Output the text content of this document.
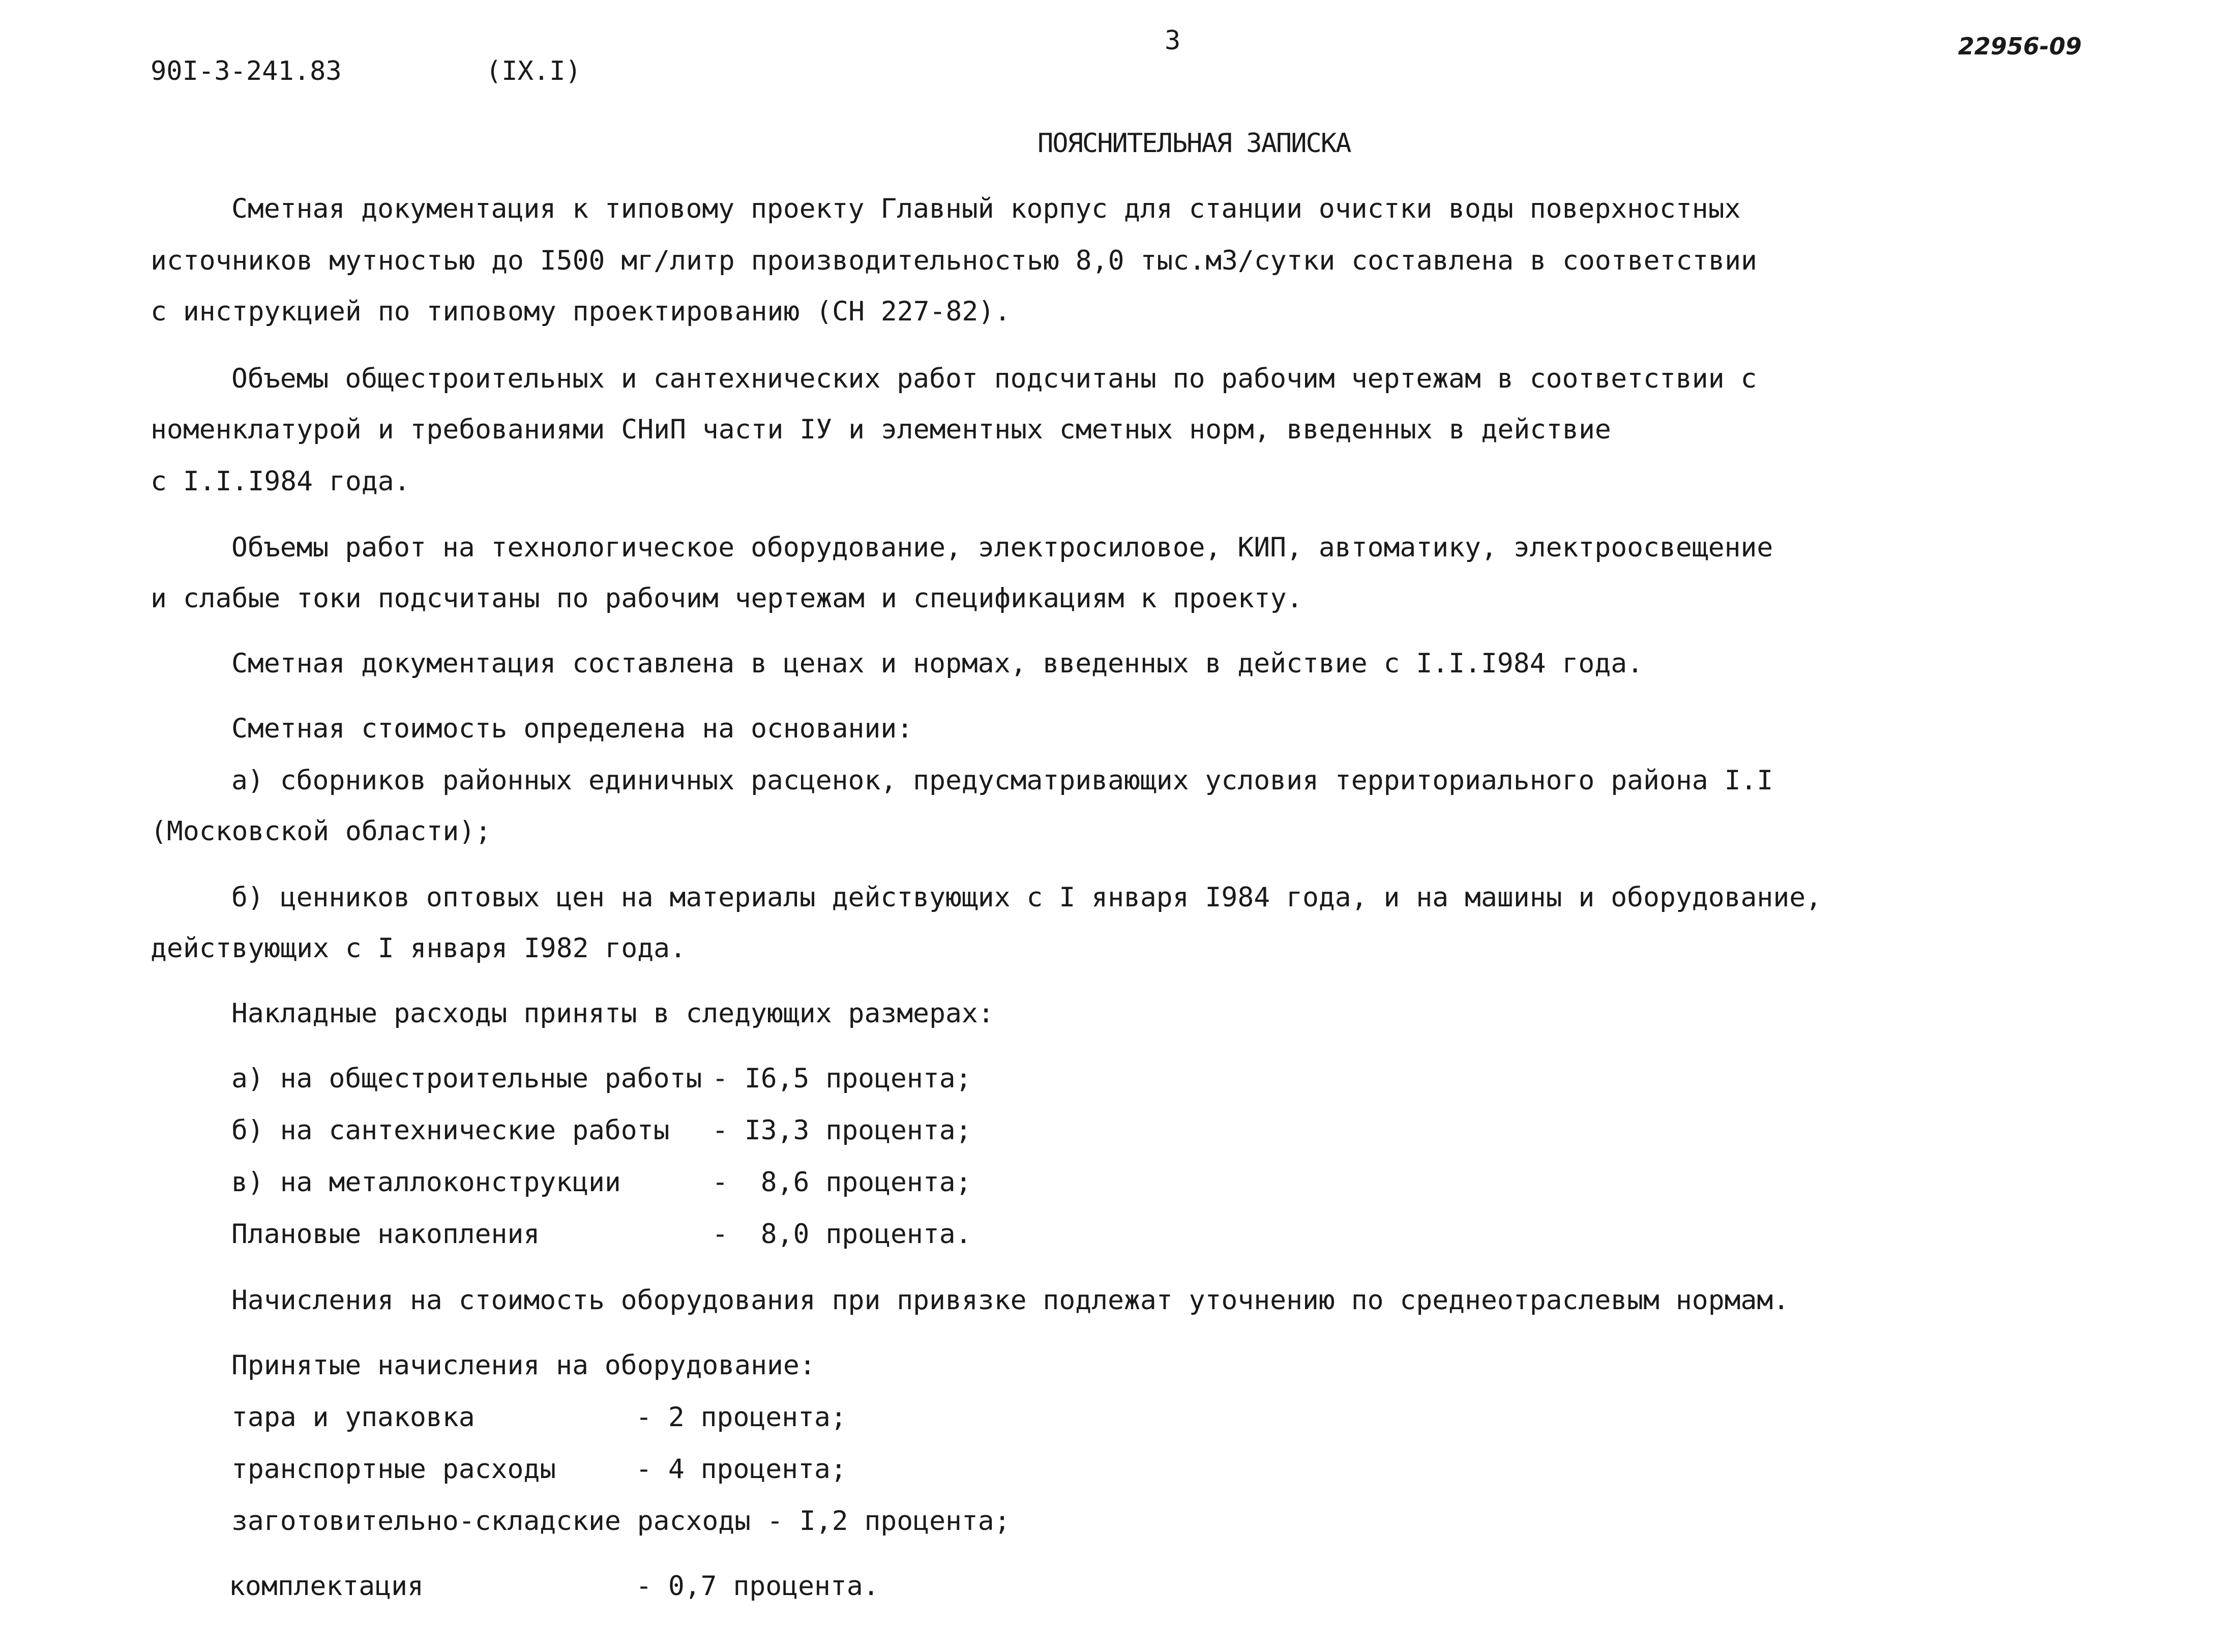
90I-3-241.83	(IX.I)
3	22956-09
ПОЯСНИТЕЛЬНАЯ ЗАПИСКА
Сметная документация к типовому проекту Главный корпус для станции очистки воды поверхностных
источников мутностью до I500 мг/литр производительностью 8,0 тыс.м3/сутки составлена в соответствии
с инструкцией по типовому проектированию (СН 227-82).
Объемы общестроительных и сантехнических работ подсчитаны по рабочим чертежам в соответствии с
номенклатурой и требованиями СНиП части IУ и элементных сметных норм, введенных в действие
с I.I.I984 года.
Объемы работ на технологическое оборудование, электросиловое, КИП, автоматику, электроосвещение
и слабые токи подсчитаны по рабочим чертежам и спецификациям к проекту.
Сметная документация составлена в ценах и нормах, введенных в действие с I.I.I984 года.
Сметная стоимость определена на основании:
а) сборников районных единичных расценок, предусматривающих условия территориального района I.I
(Московской области);
б) ценников оптовых цен на материалы действующих с I января I984 года, и на машины и оборудование,
действующих с I января I982 года.
Накладные расходы приняты в следующих размерах:
а) на общестроительные работы - I6,5 процента;
б) на сантехнические работы - I3,3 процента;
в) на металлоконструкции	-  8,6 процента;
Плановые накопления	-  8,0 процента.
Начисления на стоимость оборудования при привязке подлежат уточнению по среднеотраслевым нормам.
Принятые начисления на оборудование:
тара и упаковка	- 2 процента;
транспортные расходы	- 4 процента;
заготовительно-складские расходы - I,2 процента;
комплектация	- 0,7 процента.
